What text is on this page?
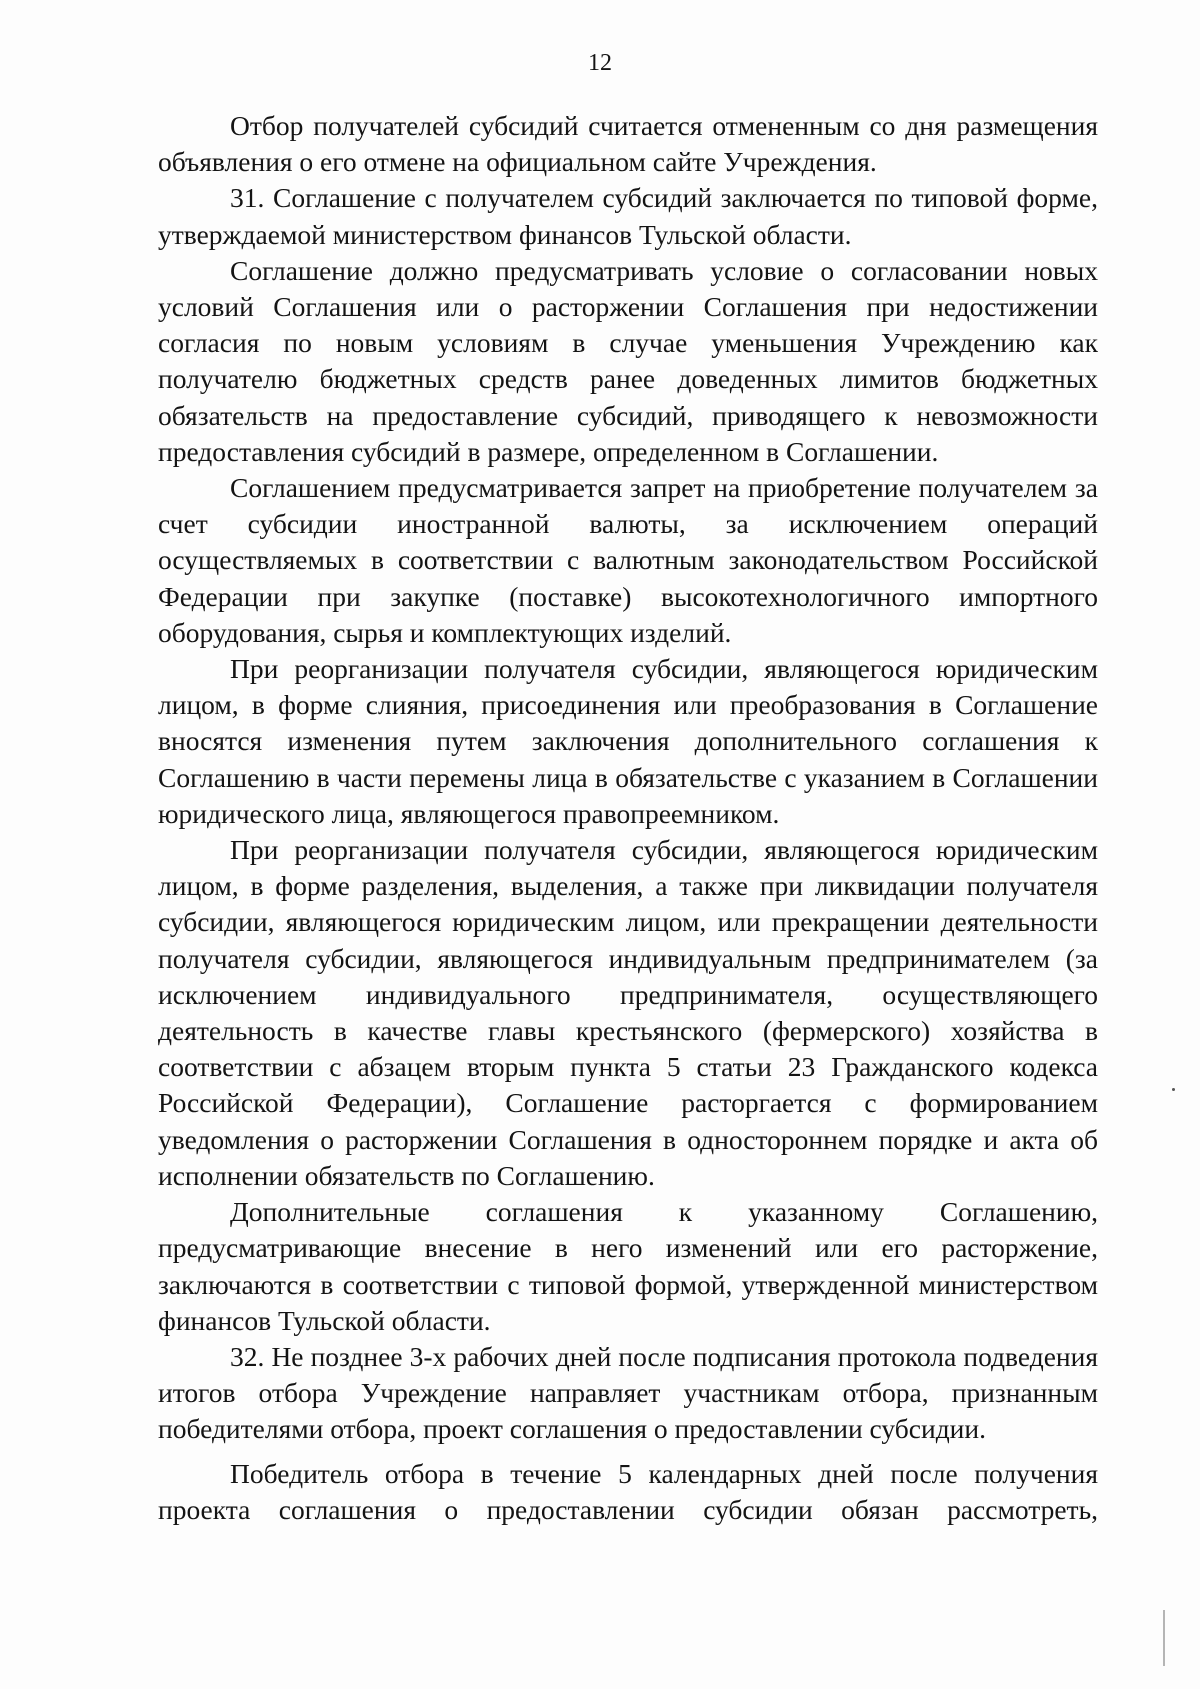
12

Отбор получателей субсидий считается отмененным со дня размещения объявления о его отмене на официальном сайте Учреждения.

31. Соглашение с получателем субсидий заключается по типовой форме, утверждаемой министерством финансов Тульской области.

Соглашение должно предусматривать условие о согласовании новых условий Соглашения или о расторжении Соглашения при недостижении согласия по новым условиям в случае уменьшения Учреждению как получателю бюджетных средств ранее доведенных лимитов бюджетных обязательств на предоставление субсидий, приводящего к невозможности предоставления субсидий в размере, определенном в Соглашении.

Соглашением предусматривается запрет на приобретение получателем за счет субсидии иностранной валюты, за исключением операций осуществляемых в соответствии с валютным законодательством Российской Федерации при закупке (поставке) высокотехнологичного импортного оборудования, сырья и комплектующих изделий.

При реорганизации получателя субсидии, являющегося юридическим лицом, в форме слияния, присоединения или преобразования в Соглашение вносятся изменения путем заключения дополнительного соглашения к Соглашению в части перемены лица в обязательстве с указанием в Соглашении юридического лица, являющегося правопреемником.

При реорганизации получателя субсидии, являющегося юридическим лицом, в форме разделения, выделения, а также при ликвидации получателя субсидии, являющегося юридическим лицом, или прекращении деятельности получателя субсидии, являющегося индивидуальным предпринимателем (за исключением индивидуального предпринимателя, осуществляющего деятельность в качестве главы крестьянского (фермерского) хозяйства в соответствии с абзацем вторым пункта 5 статьи 23 Гражданского кодекса Российской Федерации), Соглашение расторгается с формированием уведомления о расторжении Соглашения в одностороннем порядке и акта об исполнении обязательств по Соглашению.

Дополнительные соглашения к указанному Соглашению, предусматривающие внесение в него изменений или его расторжение, заключаются в соответствии с типовой формой, утвержденной министерством финансов Тульской области.

32. Не позднее 3-х рабочих дней после подписания протокола подведения итогов отбора Учреждение направляет участникам отбора, признанным победителями отбора, проект соглашения о предоставлении субсидии.

Победитель отбора в течение 5 календарных дней после получения проекта соглашения о предоставлении субсидии обязан рассмотреть,
